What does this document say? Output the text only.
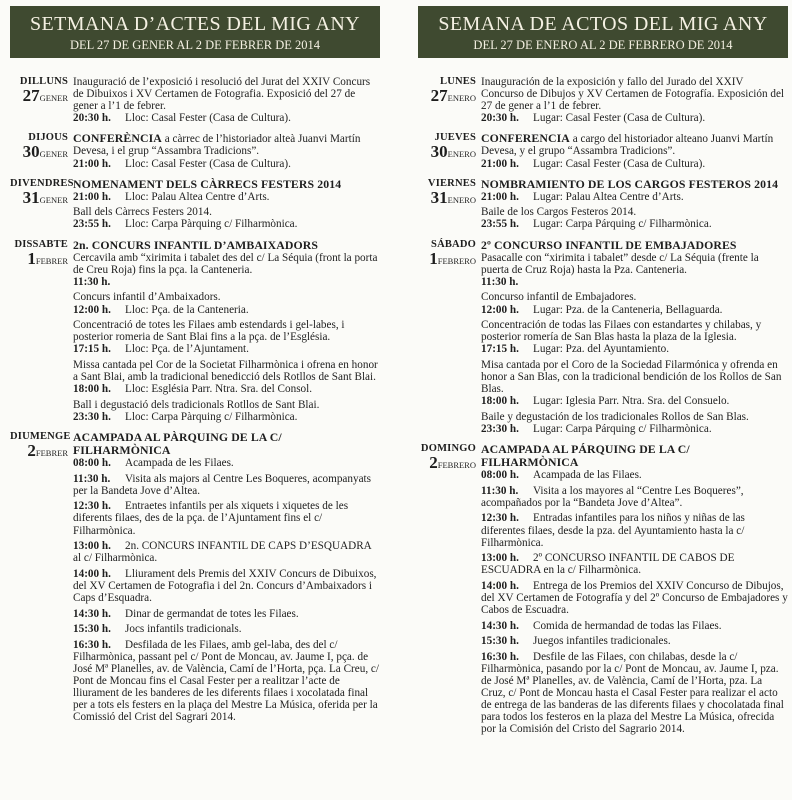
SETMANA D’ACTES DEL MIG ANY
DEL 27 DE GENER AL 2 DE FEBRER DE 2014
DILLUNS
27GENER
Inauguració de l’exposició i resolució del Jurat del XXIV Concurs de Dibuixos i XV Certamen de Fotografia. Exposició del 27 de gener a l’1 de febrer.
20:30 h. Lloc: Casal Fester (Casa de Cultura).
DIJOUS
30GENER
CONFERÈNCIA a càrrec de l’historiador alteà Juanvi Martín Devesa, i el grup “Assambra Tradicions”.
21:00 h. Lloc: Casal Fester (Casa de Cultura).
DIVENDRES
31GENER
NOMENAMENT DELS CÀRRECS FESTERS 2014
21:00 h. Lloc: Palau Altea Centre d’Arts.
Ball dels Càrrecs Festers 2014.
23:55 h. Lloc: Carpa Pàrquing c/ Filharmònica.
DISSABTE
1FEBRER
2n. CONCURS INFANTIL D’AMBAIXADORS
Cercavila amb “xirimita i tabalet des del c/ La Séquia (front la porta de Creu Roja) fins la pça. la Canteneria.
11:30 h.
Concurs infantil d’Ambaixadors.
12:00 h. Lloc: Pça. de la Canteneria.
Concentració de totes les Filaes amb estendards i gel-labes, i posterior romeria de Sant Blai fins a la pça. de l’Església.
17:15 h. Lloc: Pça. de l’Ajuntament.
Missa cantada pel Cor de la Societat Filharmònica i ofrena en honor a Sant Blai, amb la tradicional benedicció dels Rotllos de Sant Blai.
18:00 h. Lloc: Església Parr. Ntra. Sra. del Consol.
Ball i degustació dels tradicionals Rotllos de Sant Blai.
23:30 h. Lloc: Carpa Pàrquing c/ Filharmònica.
DIUMENGE
2FEBRER
ACAMPADA AL PÀRQUING DE LA C/ FILHARMÒNICA
08:00 h. Acampada de les Filaes.
11:30 h. Visita als majors al Centre Les Boqueres, acompanyats per la Bandeta Jove d’Altea.
12:30 h. Entraetes infantils per als xiquets i xiquetes de les diferents filaes, des de la pça. de l’Ajuntament fins el c/ Filharmònica.
13:00 h. 2n. CONCURS INFANTIL DE CAPS D’ESQUADRA al c/ Filharmònica.
14:00 h. Lliurament dels Premis del XXIV Concurs de Dibuixos, del XV Certamen de Fotografia i del 2n. Concurs d’Ambaixadors i Caps d’Esquadra.
14:30 h. Dinar de germandat de totes les Filaes.
15:30 h. Jocs infantils tradicionals.
16:30 h. Desfilada de les Filaes, amb gel-laba, des del c/ Filharmònica, passant pel c/ Pont de Moncau, av. Jaume I, pça. de José Mª Planelles, av. de València, Camí de l’Horta, pça. La Creu, c/ Pont de Moncau fins el Casal Fester per a realitzar l’acte de lliurament de les banderes de les diferents filaes i xocolatada final per a tots els festers en la plaça del Mestre La Música, oferida per la Comissió del Crist del Sagrari 2014.
SEMANA DE ACTOS DEL MIG ANY
DEL 27 DE ENERO AL 2 DE FEBRERO DE 2014
LUNES
27ENERO
Inauguración de la exposición y fallo del Jurado del XXIV Concurso de Dibujos y XV Certamen de Fotografía. Exposición del 27 de gener a l’1 de febrer.
20:30 h. Lugar: Casal Fester (Casa de Cultura).
JUEVES
30ENERO
CONFERENCIA a cargo del historiador alteano Juanvi Martín Devesa, y el grupo “Assambra Tradicions”.
21:00 h. Lugar: Casal Fester (Casa de Cultura).
VIERNES
31ENERO
NOMBRAMIENTO DE LOS CARGOS FESTEROS 2014
21:00 h. Lugar: Palau Altea Centre d’Arts.
Baile de los Cargos Festeros 2014.
23:55 h. Lugar: Carpa Párquing c/ Filharmònica.
SÁBADO
1FEBRERO
2º CONCURSO INFANTIL DE EMBAJADORES
Pasacalle con “xirimita i tabalet” desde c/ La Séquia (frente la puerta de Cruz Roja) hasta la Pza. Canteneria.
11:30 h.
Concurso infantil de Embajadores.
12:00 h. Lugar: Pza. de la Canteneria, Bellaguarda.
Concentración de todas las Filaes con estandartes y chilabas, y posterior romería de San Blas hasta la plaza de la Iglesia.
17:15 h. Lugar: Pza. del Ayuntamiento.
Misa cantada por el Coro de la Sociedad Filarmónica y ofrenda en honor a San Blas, con la tradicional bendición de los Rollos de San Blas.
18:00 h. Lugar: Iglesia Parr. Ntra. Sra. del Consuelo.
Baile y degustación de los tradicionales Rollos de San Blas.
23:30 h. Lugar: Carpa Párquing c/ Filharmònica.
DOMINGO
2FEBRERO
ACAMPADA AL PÁRQUING DE LA C/ FILHARMÒNICA
08:00 h. Acampada de las Filaes.
11:30 h. Visita a los mayores al “Centre Les Boqueres”, acompañados por la “Bandeta Jove d’Altea”.
12:30 h. Entradas infantiles para los niños y niñas de las diferentes filaes, desde la pza. del Ayuntamiento hasta la c/ Filharmònica.
13:00 h. 2º CONCURSO INFANTIL DE CABOS DE ESCUADRA en la c/ Filharmònica.
14:00 h. Entrega de los Premios del XXIV Concurso de Dibujos, del XV Certamen de Fotografía y del 2º Concurso de Embajadores y Cabos de Escuadra.
14:30 h. Comida de hermandad de todas las Filaes.
15:30 h. Juegos infantiles tradicionales.
16:30 h. Desfile de las Filaes, con chilabas, desde la c/ Filharmònica, pasando por la c/ Pont de Moncau, av. Jaume I, pza. de José Mª Planelles, av. de València, Camí de l’Horta, pza. La Cruz, c/ Pont de Moncau hasta el Casal Fester para realizar el acto de entrega de las banderas de las diferents filaes y chocolatada final para todos los festeros en la plaza del Mestre La Música, ofrecida por la Comisión del Cristo del Sagrario 2014.
